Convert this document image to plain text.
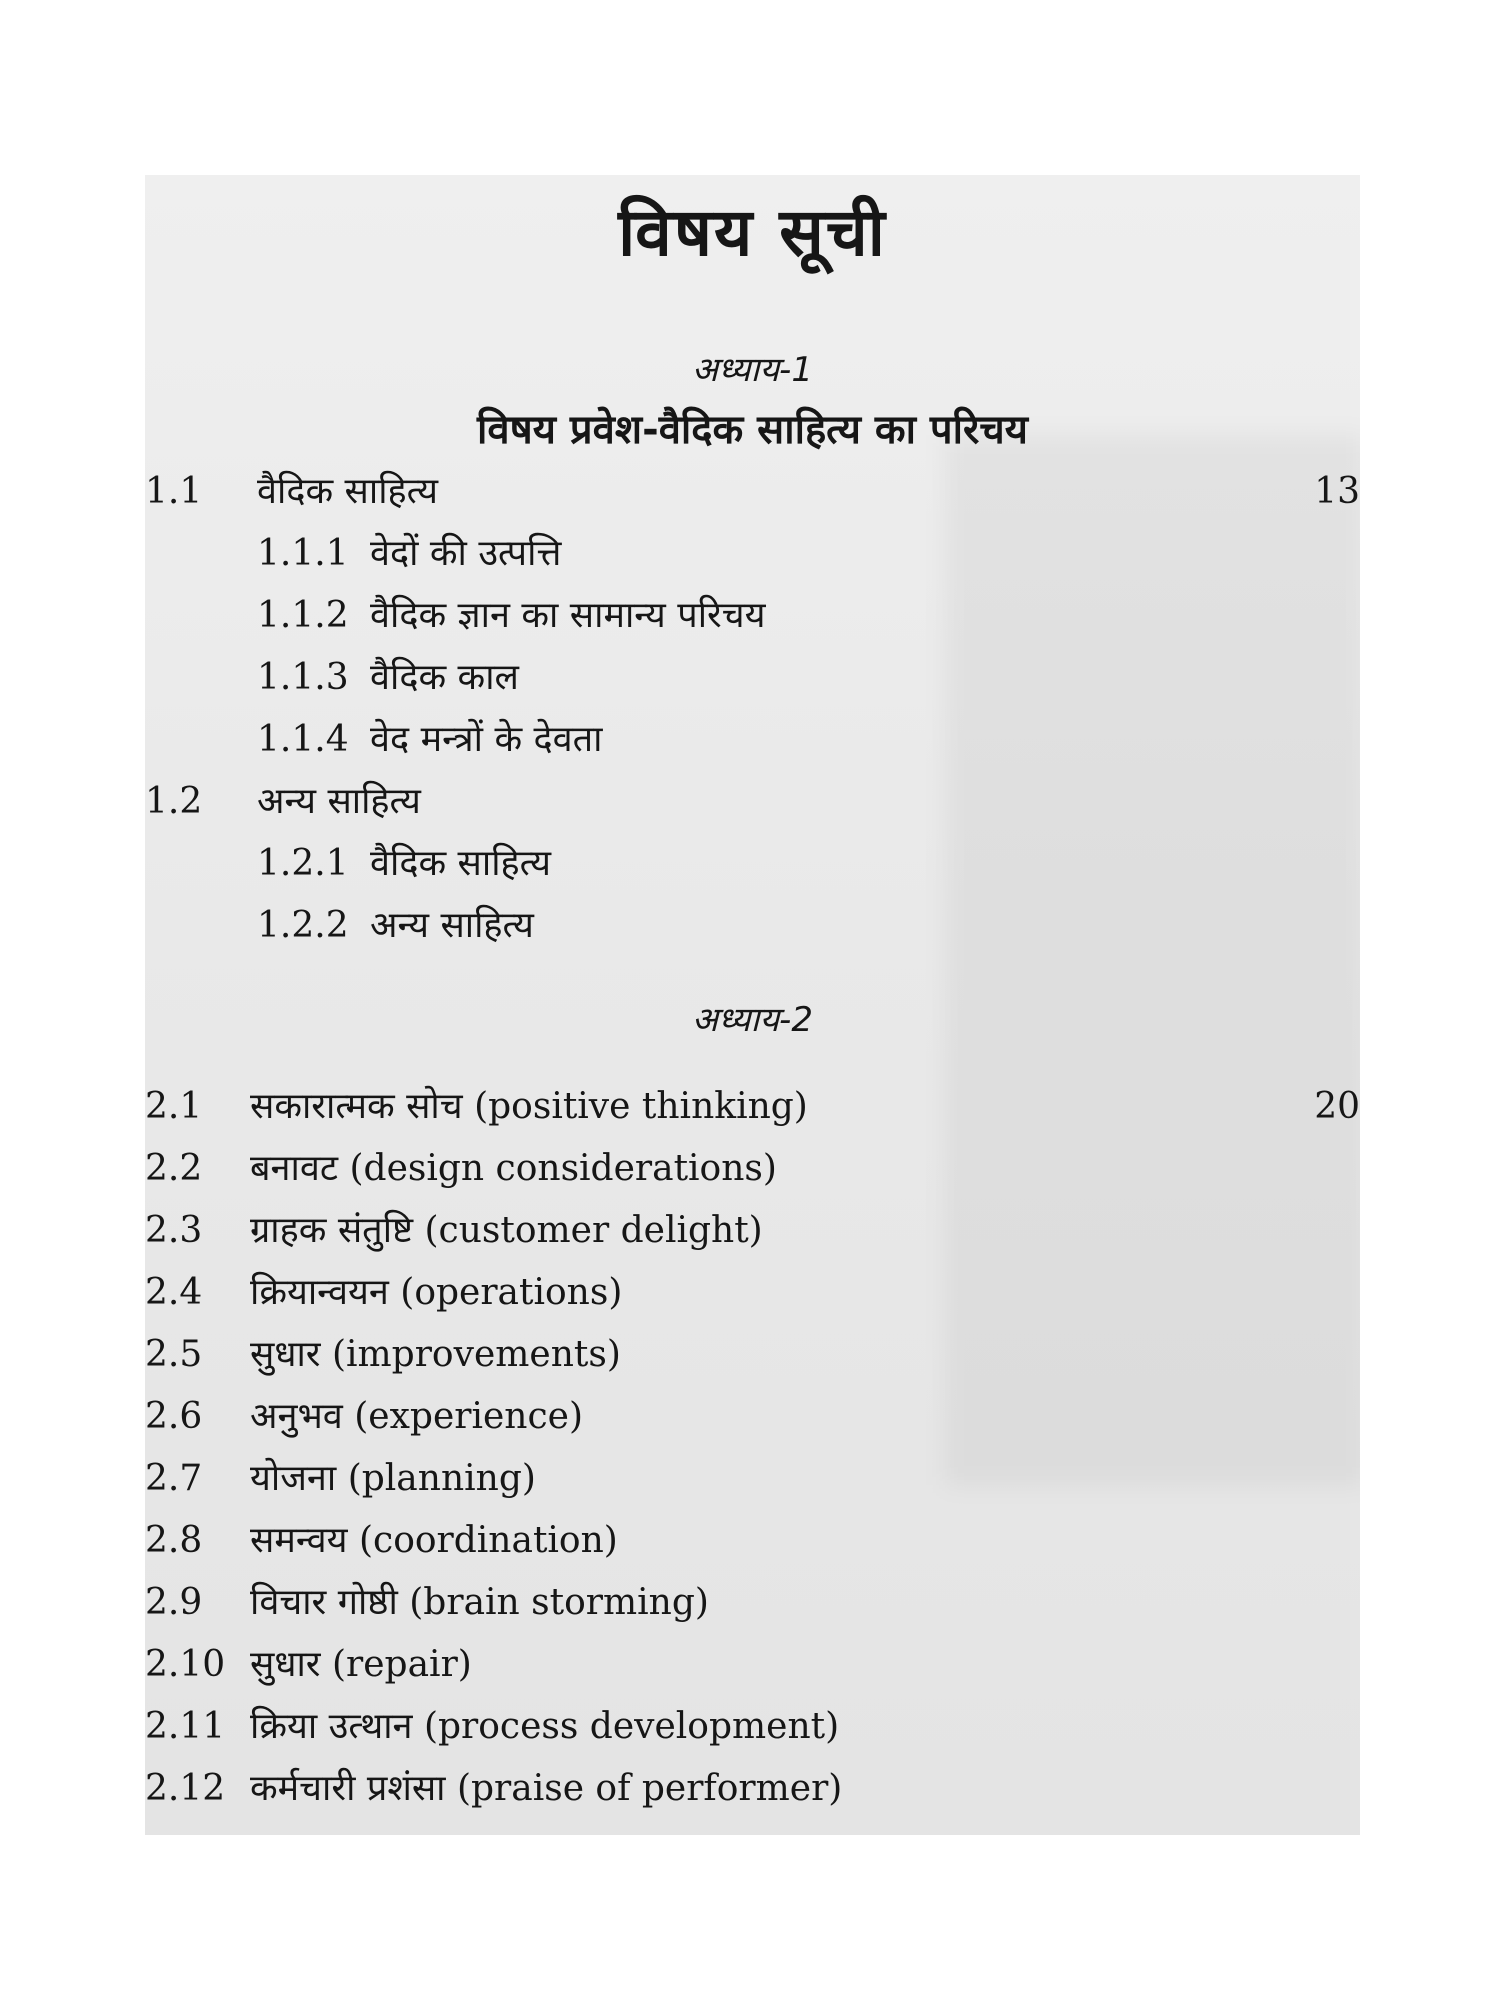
विषय सूची
अध्याय-1
विषय प्रवेश-वैदिक साहित्य का परिचय
1.1 वैदिक साहित्य	13
1.1.1 वेदों की उत्पत्ति
1.1.2 वैदिक ज्ञान का सामान्य परिचय
1.1.3 वैदिक काल
1.1.4 वेद मन्त्रों के देवता
1.2 अन्य साहित्य
1.2.1 वैदिक साहित्य
1.2.2 अन्य साहित्य
अध्याय-2
2.1 सकारात्मक सोच (positive thinking)	20
2.2 बनावट (design considerations)
2.3 ग्राहक संतुष्टि (customer delight)
2.4 क्रियान्वयन (operations)
2.5 सुधार (improvements)
2.6 अनुभव (experience)
2.7 योजना (planning)
2.8 समन्वय (coordination)
2.9 विचार गोष्ठी (brain storming)
2.10 सुधार (repair)
2.11 क्रिया उत्थान (process development)
2.12 कर्मचारी प्रशंसा (praise of performer)
